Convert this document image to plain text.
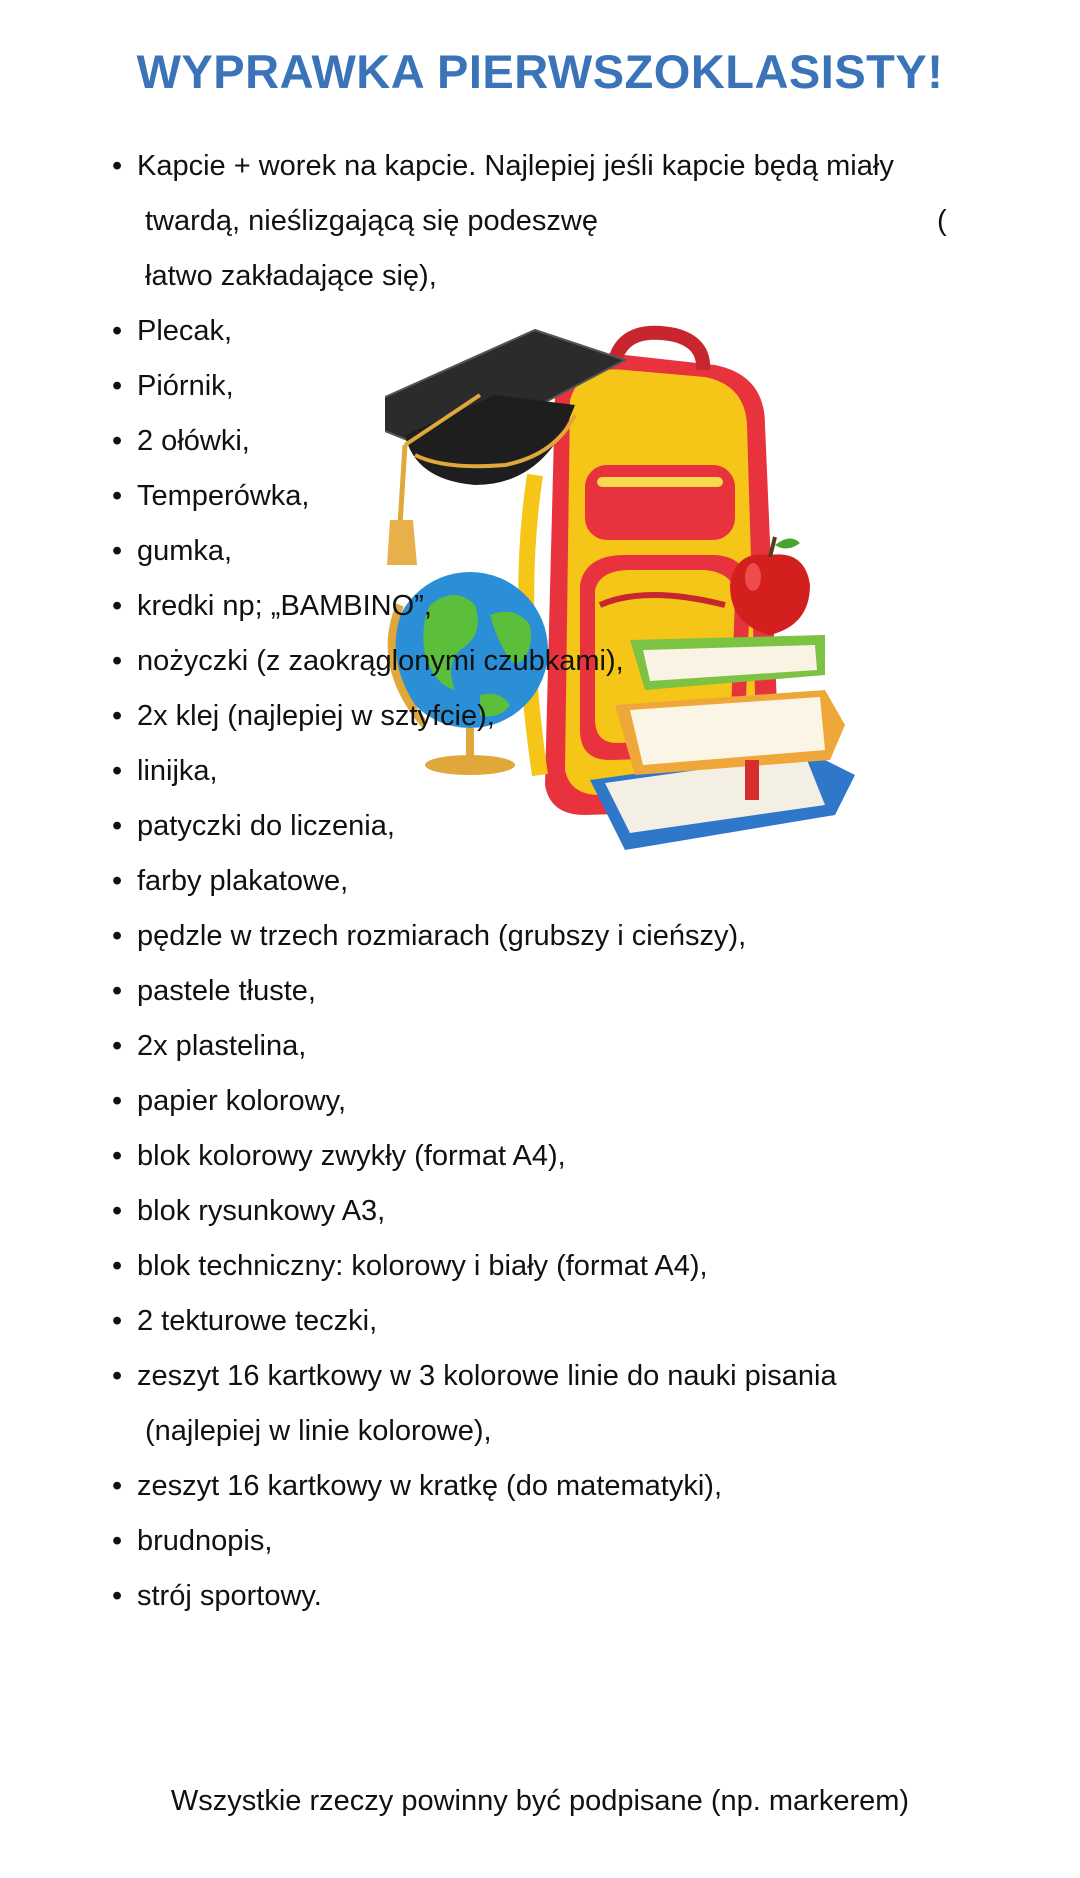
WYPRAWKA PIERWSZOKLASISTY!
• Kapcie + worek na kapcie. Najlepiej jeśli kapcie będą miały
twardą, nieślizgającą się podeszwę	(
łatwo zakładające się),
• Plecak,
• Piórnik,
• 2 ołówki,
• Temperówka,
• gumka,
• kredki np; „BAMBINO”,
• nożyczki (z zaokrąglonymi czubkami),
• 2x klej (najlepiej w sztyfcie),
• linijka,
• patyczki do liczenia,
• farby plakatowe,
• pędzle w trzech rozmiarach (grubszy i cieńszy),
• pastele tłuste,
• 2x plastelina,
• papier kolorowy,
• blok kolorowy zwykły (format A4),
• blok rysunkowy A3,
• blok techniczny: kolorowy i biały (format A4),
• 2 tekturowe teczki,
• zeszyt 16 kartkowy w 3 kolorowe linie do nauki pisania
(najlepiej w linie kolorowe),
• zeszyt 16 kartkowy w kratkę (do matematyki),
• brudnopis,
• strój sportowy.
Wszystkie rzeczy powinny być podpisane (np. markerem)
